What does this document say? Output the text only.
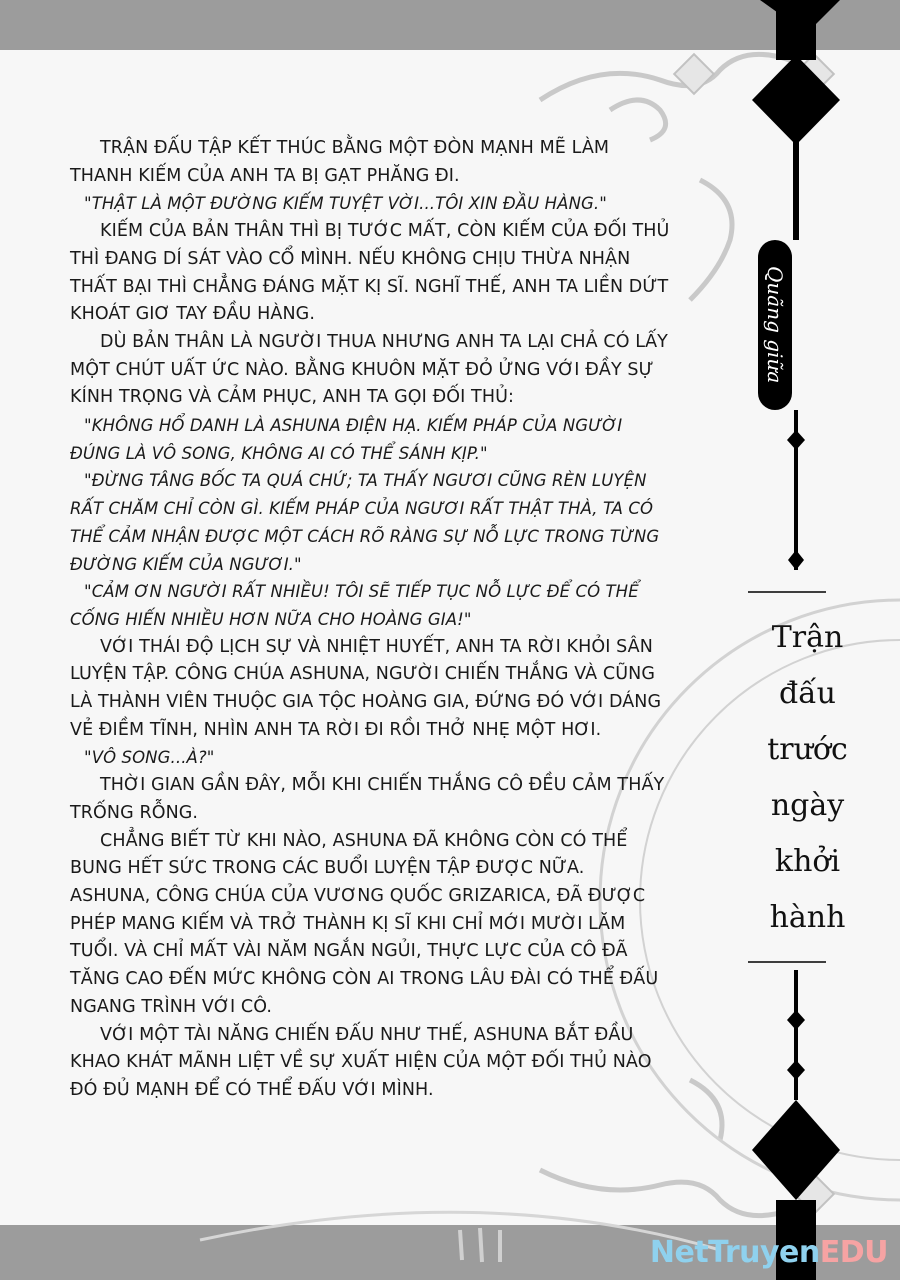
TRẬN ĐẤU TẬP KẾT THÚC BẰNG MỘT ĐÒN MẠNH MẼ LÀM THANH KIẾM CỦA ANH TA BỊ GẠT PHĂNG ĐI.

"THẬT LÀ MỘT ĐƯỜNG KIẾM TUYỆT VỜI...TÔI XIN ĐẦU HÀNG."

KIẾM CỦA BẢN THÂN THÌ BỊ TƯỚC MẤT, CÒN KIẾM CỦA ĐỐI THỦ THÌ ĐANG DÍ SÁT VÀO CỔ MÌNH. NẾU KHÔNG CHỊU THỪA NHẬN THẤT BẠI THÌ CHẲNG ĐÁNG MẶT KỊ SĨ. NGHĨ THẾ, ANH TA LIỀN DỨT KHOÁT GIƠ TAY ĐẦU HÀNG.

DÙ BẢN THÂN LÀ NGƯỜI THUA NHƯNG ANH TA LẠI CHẢ CÓ LẤY MỘT CHÚT UẤT ỨC NÀO. BẰNG KHUÔN MẶT ĐỎ ỬNG VỚI ĐẦY SỰ KÍNH TRỌNG VÀ CẢM PHỤC, ANH TA GỌI ĐỐI THỦ:

"KHÔNG HỔ DANH LÀ ASHUNA ĐIỆN HẠ. KIẾM PHÁP CỦA NGƯỜI ĐÚNG LÀ VÔ SONG, KHÔNG AI CÓ THỂ SÁNH KỊP."

"ĐỪNG TÂNG BỐC TA QUÁ CHỨ; TA THẤY NGƯƠI CŨNG RÈN LUYỆN RẤT CHĂM CHỈ CÒN GÌ. KIẾM PHÁP CỦA NGƯƠI RẤT THẬT THÀ, TA CÓ THỂ CẢM NHẬN ĐƯỢC MỘT CÁCH RÕ RÀNG SỰ NỖ LỰC TRONG TỪNG ĐƯỜNG KIẾM CỦA NGƯƠI."

"CẢM ƠN NGƯỜI RẤT NHIỀU! TÔI SẼ TIẾP TỤC NỖ LỰC ĐỂ CÓ THỂ CỐNG HIẾN NHIỀU HƠN NỮA CHO HOÀNG GIA!"

VỚI THÁI ĐỘ LỊCH SỰ VÀ NHIỆT HUYẾT, ANH TA RỜI KHỎI SÂN LUYỆN TẬP. CÔNG CHÚA ASHUNA, NGƯỜI CHIẾN THẮNG VÀ CŨNG LÀ THÀNH VIÊN THUỘC GIA TỘC HOÀNG GIA, ĐỨNG ĐÓ VỚI DÁNG VẺ ĐIỀM TĨNH, NHÌN ANH TA RỜI ĐI RỒI THỞ NHẸ MỘT HƠI.

"VÔ SONG...À?"

THỜI GIAN GẦN ĐÂY, MỖI KHI CHIẾN THẮNG CÔ ĐỀU CẢM THẤY TRỐNG RỖNG.

CHẲNG BIẾT TỪ KHI NÀO, ASHUNA ĐÃ KHÔNG CÒN CÓ THỂ BUNG HẾT SỨC TRONG CÁC BUỔI LUYỆN TẬP ĐƯỢC NỮA. ASHUNA, CÔNG CHÚA CỦA VƯƠNG QUỐC GRIZARICA, ĐÃ ĐƯỢC PHÉP MANG KIẾM VÀ TRỞ THÀNH KỊ SĨ KHI CHỈ MỚI MƯỜI LĂM TUỔI. VÀ CHỈ MẤT VÀI NĂM NGẮN NGỦI, THỰC LỰC CỦA CÔ ĐÃ TĂNG CAO ĐẾN MỨC KHÔNG CÒN AI TRONG LÂU ĐÀI CÓ THỂ ĐẤU NGANG TRÌNH VỚI CÔ.

VỚI MỘT TÀI NĂNG CHIẾN ĐẤU NHƯ THẾ, ASHUNA BẮT ĐẦU KHAO KHÁT MÃNH LIỆT VỀ SỰ XUẤT HIỆN CỦA MỘT ĐỐI THỦ NÀO ĐÓ ĐỦ MẠNH ĐỂ CÓ THỂ ĐẤU VỚI MÌNH.

Quãng giữa
Trận
đấu
trước
ngày
khởi
hành
NetTruyenEDU
